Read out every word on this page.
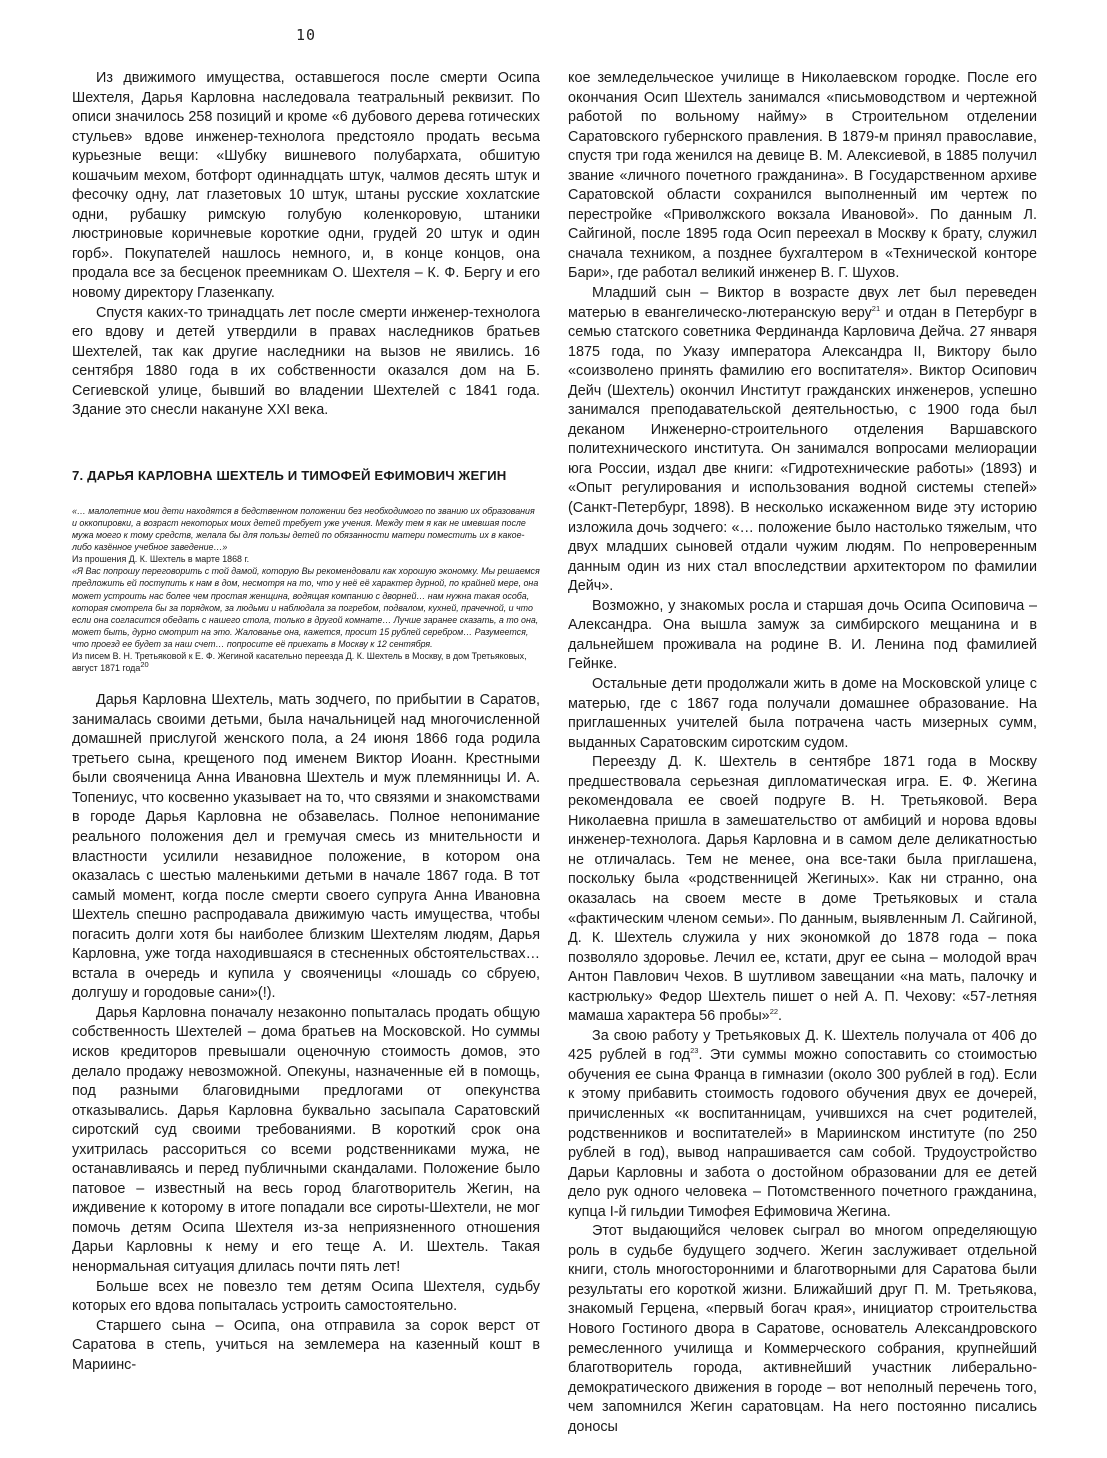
10

Из движимого имущества, оставшегося после смерти Осипа Шехтеля, Дарья Карловна наследовала театральный реквизит. По описи значилось 258 позиций и кроме «6 дубового дерева готических стульев» вдове инженер-технолога предстояло продать весьма курьезные вещи: «Шубку вишневого полубархата, обшитую кошачьим мехом, ботфорт одиннадцать штук, чалмов десять штук и фесочку одну, лат глазетовых 10 штук, штаны русские хохлатские одни, рубашку римскую голубую коленкоровую, штаники люстриновые коричневые короткие одни, грудей 20 штук и один горб». Покупателей нашлось немного, и, в конце концов, она продала все за бесценок преемникам О. Шехтеля – К. Ф. Бергу и его новому директору Глазенкапу.

Спустя каких-то тринадцать лет после смерти инженер-технолога его вдову и детей утвердили в правах наследников братьев Шехтелей, так как другие наследники на вызов не явились. 16 сентября 1880 года в их собственности оказался дом на Б. Сегиевской улице, бывший во владении Шехтелей с 1841 года. Здание это снесли накануне XXI века.

7. ДАРЬЯ КАРЛОВНА ШЕХТЕЛЬ И ТИМОФЕЙ ЕФИМОВИЧ ЖЕГИН

«… малолетние мои дети находятся в бедственном положении без необходимого по званию их образования и оккопировки, а возраст некоторых моих детей требует уже учения. Между тем я как не имевшая после мужа моего к тому средств, желала бы для пользы детей по обязанности матери поместить их в какое-либо казённое учебное заведение…»

Из прошения Д. К. Шехтель в марте 1868 г.

«Я Вас попрошу переговорить с той дамой, которую Вы рекомендовали как хорошую экономку. Мы решаемся предложить ей поступить к нам в дом, несмотря на то, что у неё её характер дурной, по крайней мере, она может устроить нас более чем простая женщина, водящая компанию с дворней… нам нужна такая особа, которая смотрела бы за порядком, за людьми и наблюдала за погребом, подвалом, кухней, прачечной, и что если она согласится обедать с нашего стола, только в другой комнате… Лучше заранее сказать, а то она, может быть, дурно смотрит на это. Жалованье она, кажется, просит 15 рублей серебром… Разумеется, что проезд ее будет за наш счет… попросите её приехать в Москву к 12 сентября.

Из писем В. Н. Третьяковой к Е. Ф. Жегиной касательно переезда Д. К. Шехтель в Москву, в дом Третьяковых, август 1871 года$^{20}$

Дарья Карловна Шехтель, мать зодчего, по прибытии в Саратов, занималась своими детьми, была начальницей над многочисленной домашней прислугой женского пола, а 24 июня 1866 года родила третьего сына, крещеного под именем Виктор Иоанн. Крестными были свояченица Анна Ивановна Шехтель и муж племянницы И. А. Топениус, что косвенно указывает на то, что связями и знакомствами в городе Дарья Карловна не обзавелась. Полное непонимание реального положения дел и гремучая смесь из мнительности и властности усилили незавидное положение, в котором она оказалась с шестью маленькими детьми в начале 1867 года. В тот самый момент, когда после смерти своего супруга Анна Ивановна Шехтель спешно распродавала движимую часть имущества, чтобы погасить долги хотя бы наиболее близким Шехтелям людям, Дарья Карловна, уже тогда находившаяся в стесненных обстоятельствах… встала в очередь и купила у свояченицы «лошадь со сбруею, долгушу и городовые сани»(!).

Дарья Карловна поначалу незаконно попыталась продать общую собственность Шехтелей – дома братьев на Московской. Но суммы исков кредиторов превышали оценочную стоимость домов, это делало продажу невозможной. Опекуны, назначенные ей в помощь, под разными благовидными предлогами от опекунства отказывались. Дарья Карловна буквально засыпала Саратовский сиротский суд своими требованиями. В короткий срок она ухитрилась рассориться со всеми родственниками мужа, не останавливаясь и перед публичными скандалами. Положение было патовое – известный на весь город благотворитель Жегин, на иждивение к которому в итоге попадали все сироты-Шехтели, не мог помочь детям Осипа Шехтеля из-за неприязненного отношения Дарьи Карловны к нему и его теще А. И. Шехтель. Такая ненормальная ситуация длилась почти пять лет!

Больше всех не повезло тем детям Осипа Шехтеля, судьбу которых его вдова попыталась устроить самостоятельно.

Старшего сына – Осипа, она отправила за сорок верст от Саратова в степь, учиться на землемера на казенный кошт в Мариинс-

кое земледельческое училище в Николаевском городке. После его окончания Осип Шехтель занимался «письмоводством и чертежной работой по вольному найму» в Строительном отделении Саратовского губернского правления. В 1879-м принял православие, спустя три года женился на девице В. М. Алексиевой, в 1885 получил звание «личного почетного гражданина». В Государственном архиве Саратовской области сохранился выполненный им чертеж по перестройке «Приволжского вокзала Ивановой». По данным Л. Сайгиной, после 1895 года Осип переехал в Москву к брату, служил сначала техником, а позднее бухгалтером в «Технической конторе Бари», где работал великий инженер В. Г. Шухов.

Младший сын – Виктор в возрасте двух лет был переведен матерью в евангелическо-лютеранскую веру$^{21}$ и отдан в Петербург в семью статского советника Фердинанда Карловича Дейча. 27 января 1875 года, по Указу императора Александра II, Виктору было «соизволено принять фамилию его воспитателя». Виктор Осипович Дейч (Шехтель) окончил Институт гражданских инженеров, успешно занимался преподавательской деятельностью, с 1900 года был деканом Инженерно-строительного отделения Варшавского политехнического института. Он занимался вопросами мелиорации юга России, издал две книги: «Гидротехнические работы» (1893) и «Опыт регулирования и использования водной системы степей» (Санкт-Петербург, 1898). В несколько искаженном виде эту историю изложила дочь зодчего: «… положение было настолько тяжелым, что двух младших сыновей отдали чужим людям. По непроверенным данным один из них стал впоследствии архитектором по фамилии Дейч».

Возможно, у знакомых росла и старшая дочь Осипа Осиповича – Александра. Она вышла замуж за симбирского мещанина и в дальнейшем проживала на родине В. И. Ленина под фамилией Гейнке.

Остальные дети продолжали жить в доме на Московской улице с матерью, где с 1867 года получали домашнее образование. На приглашенных учителей была потрачена часть мизерных сумм, выданных Саратовским сиротским судом.

Переезду Д. К. Шехтель в сентябре 1871 года в Москву предшествовала серьезная дипломатическая игра. Е. Ф. Жегина рекомендовала ее своей подруге В. Н. Третьяковой. Вера Николаевна пришла в замешательство от амбиций и норова вдовы инженер-технолога. Дарья Карловна и в самом деле деликатностью не отличалась. Тем не менее, она все-таки была приглашена, поскольку была «родственницей Жегиных». Как ни странно, она оказалась на своем месте в доме Третьяковых и стала «фактическим членом семьи». По данным, выявленным Л. Сайгиной, Д. К. Шехтель служила у них экономкой до 1878 года – пока позволяло здоровье. Лечил ее, кстати, друг ее сына – молодой врач Антон Павлович Чехов. В шутливом завещании «на мать, палочку и кастрюльку» Федор Шехтель пишет о ней А. П. Чехову: «57-летняя мамаша характера 56 пробы»$^{22}$.

За свою работу у Третьяковых Д. К. Шехтель получала от 406 до 425 рублей в год$^{23}$. Эти суммы можно сопоставить со стоимостью обучения ее сына Франца в гимназии (около 300 рублей в год). Если к этому прибавить стоимость годового обучения двух ее дочерей, причисленных «к воспитанницам, учившихся на счет родителей, родственников и воспитателей» в Мариинском институте (по 250 рублей в год), вывод напрашивается сам собой. Трудоустройство Дарьи Карловны и забота о достойном образовании для ее детей дело рук одного человека – Потомственного почетного гражданина, купца I-й гильдии Тимофея Ефимовича Жегина.

Этот выдающийся человек сыграл во многом определяющую роль в судьбе будущего зодчего. Жегин заслуживает отдельной книги, столь многосторонними и благотворными для Саратова были результаты его короткой жизни. Ближайший друг П. М. Третьякова, знакомый Герцена, «первый богач края», инициатор строительства Нового Гостиного двора в Саратове, основатель Александровского ремесленного училища и Коммерческого собрания, крупнейший благотворитель города, активнейший участник либерально-демократического движения в городе – вот неполный перечень того, чем запомнился Жегин саратовцам. На него постоянно писались доносы
